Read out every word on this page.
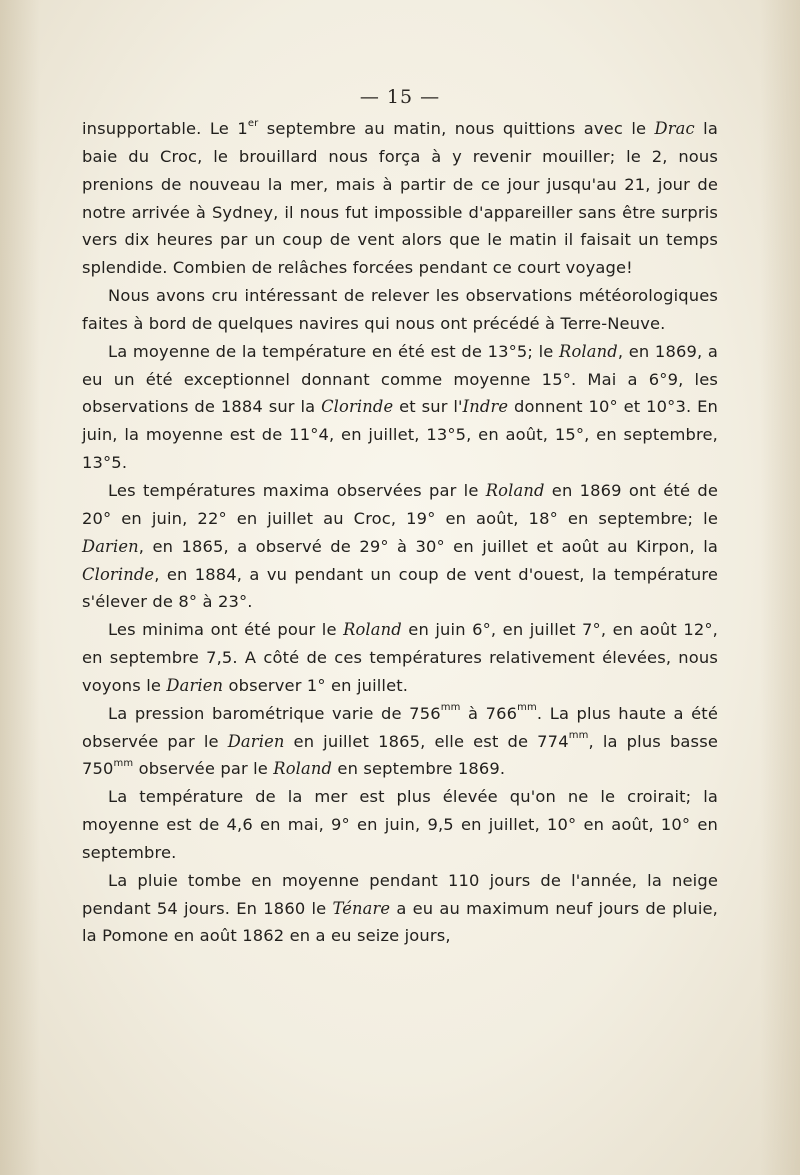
— 15 —

insupportable. Le 1er septembre au matin, nous quittions avec le Drac la baie du Croc, le brouillard nous força à y revenir mouiller; le 2, nous prenions de nouveau la mer, mais à partir de ce jour jusqu'au 21, jour de notre arrivée à Sydney, il nous fut impossible d'appareiller sans être surpris vers dix heures par un coup de vent alors que le matin il faisait un temps splendide. Combien de relâches forcées pendant ce court voyage!

Nous avons cru intéressant de relever les observations météorologiques faites à bord de quelques navires qui nous ont précédé à Terre-Neuve.

La moyenne de la température en été est de 13°5; le Roland, en 1869, a eu un été exceptionnel donnant comme moyenne 15°. Mai a 6°9, les observations de 1884 sur la Clorinde et sur l'Indre donnent 10° et 10°3. En juin, la moyenne est de 11°4, en juillet, 13°5, en août, 15°, en septembre, 13°5.

Les températures maxima observées par le Roland en 1869 ont été de 20° en juin, 22° en juillet au Croc, 19° en août, 18° en septembre; le Darien, en 1865, a observé de 29° à 30° en juillet et août au Kirpon, la Clorinde, en 1884, a vu pendant un coup de vent d'ouest, la température s'élever de 8° à 23°.

Les minima ont été pour le Roland en juin 6°, en juillet 7°, en août 12°, en septembre 7,5. A côté de ces températures relativement élevées, nous voyons le Darien observer 1° en juillet.

La pression barométrique varie de $756^{mm}$ à $766^{mm}$. La plus haute a été observée par le Darien en juillet 1865, elle est de $774^{mm}$, la plus basse $750^{mm}$ observée par le Roland en septembre 1869.

La température de la mer est plus élevée qu'on ne le croirait; la moyenne est de 4,6 en mai, 9° en juin, 9,5 en juillet, 10° en août, 10° en septembre.

La pluie tombe en moyenne pendant 110 jours de l'année, la neige pendant 54 jours. En 1860 le Ténare a eu au maximum neuf jours de pluie, la Pomone en août 1862 en a eu seize jours,
